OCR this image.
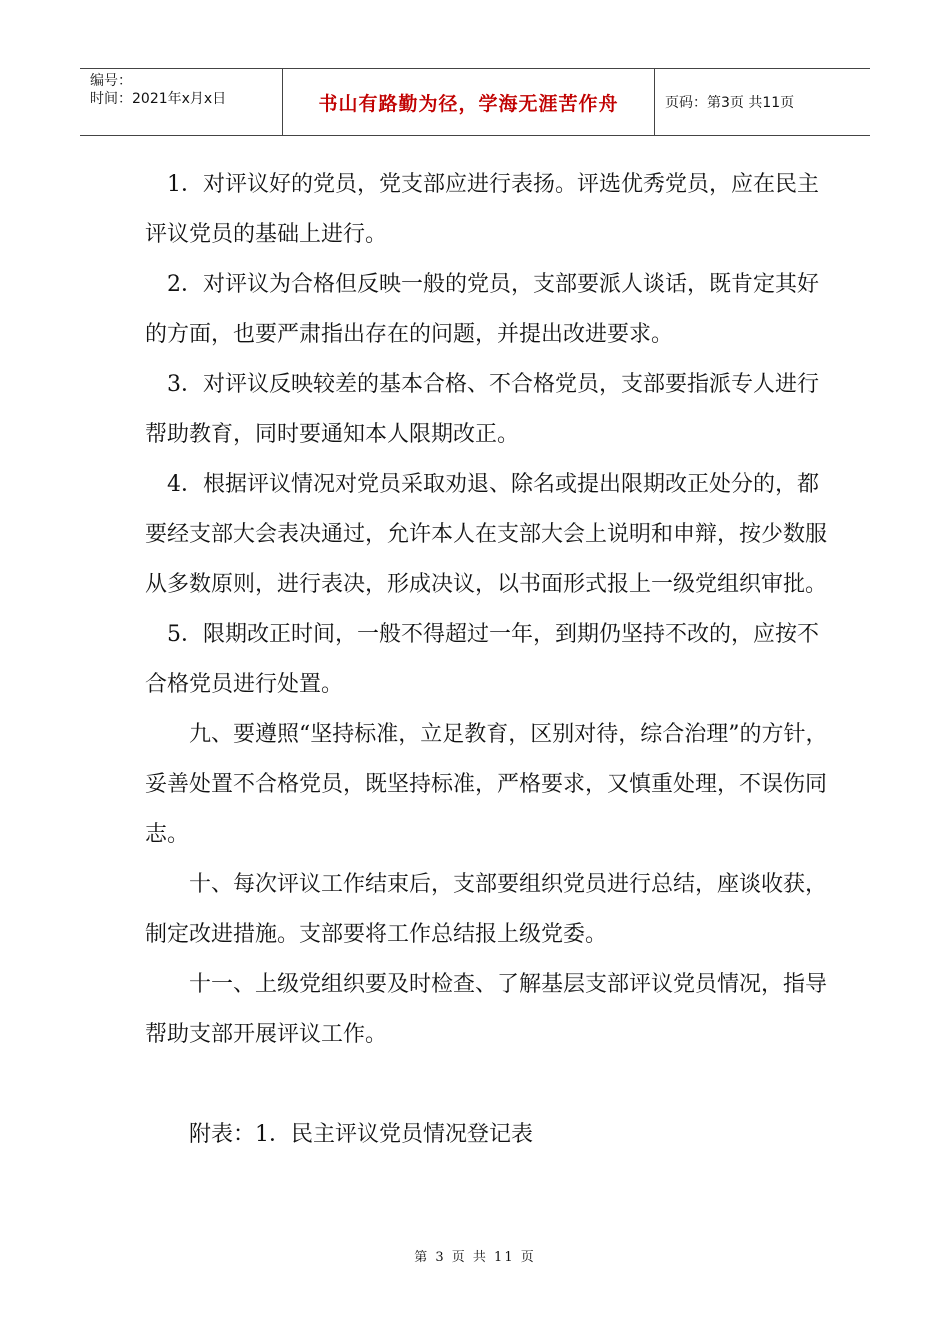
编号：
时间：2021年x月x日	书山有路勤为径，学海无涯苦作舟	页码：第3页 共11页

1．对评议好的党员，党支部应进行表扬。评选优秀党员，应在民主评议党员的基础上进行。

2．对评议为合格但反映一般的党员，支部要派人谈话，既肯定其好的方面，也要严肃指出存在的问题，并提出改进要求。

3．对评议反映较差的基本合格、不合格党员，支部要指派专人进行帮助教育，同时要通知本人限期改正。

4．根据评议情况对党员采取劝退、除名或提出限期改正处分的，都要经支部大会表决通过，允许本人在支部大会上说明和申辩，按少数服从多数原则，进行表决，形成决议，以书面形式报上一级党组织审批。

5．限期改正时间，一般不得超过一年，到期仍坚持不改的，应按不合格党员进行处置。

九、要遵照“坚持标准，立足教育，区别对待，综合治理”的方针，妥善处置不合格党员，既坚持标准，严格要求，又慎重处理，不误伤同志。

十、每次评议工作结束后，支部要组织党员进行总结，座谈收获，制定改进措施。支部要将工作总结报上级党委。

十一、上级党组织要及时检查、了解基层支部评议党员情况，指导帮助支部开展评议工作。

附表：1．民主评议党员情况登记表

第 3 页 共 11 页
